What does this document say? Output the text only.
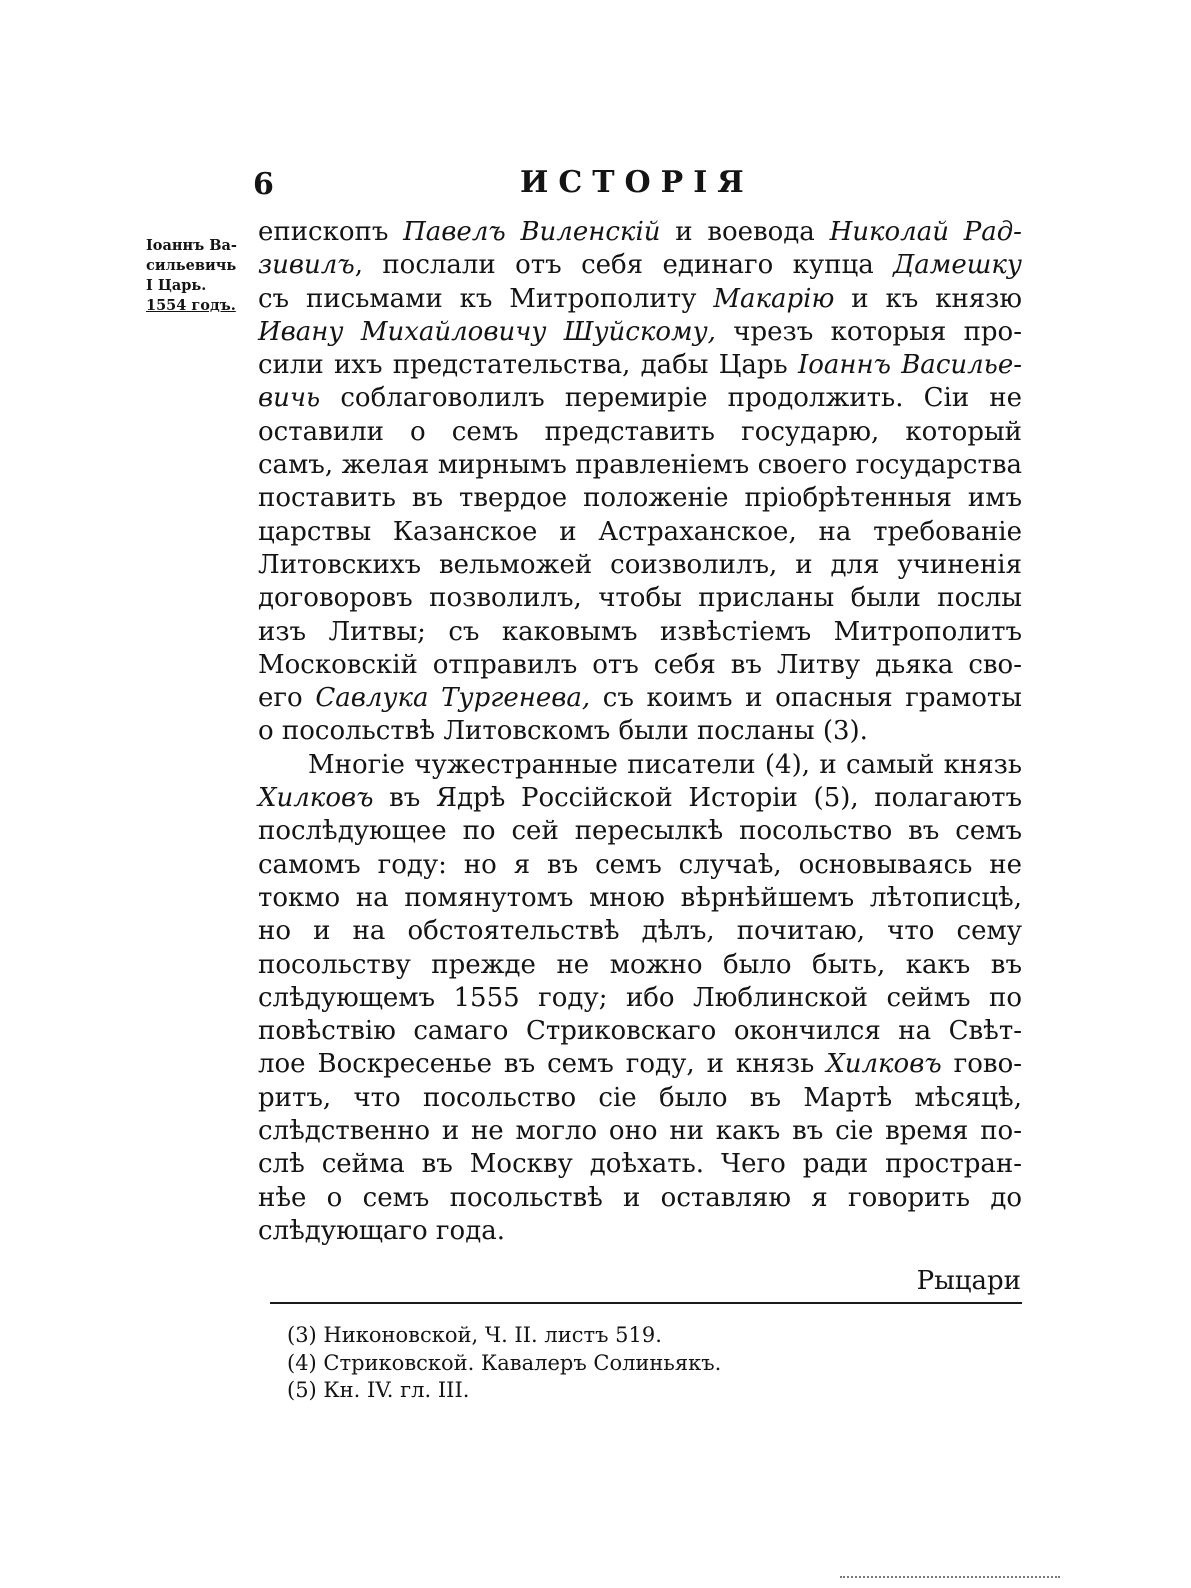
6	ИСТОРІЯ
Іоаннъ Ва-
сильевичь
І Царь.
1554 годъ.
епископъ Павелъ Виленскій и воевода Николай Рад-
зивилъ, послали отъ себя единаго купца Дамешку
съ письмами къ Митрополиту Макарію и къ князю
Ивану Михайловичу Шуйскому, чрезъ которыя про-
сили ихъ предстательства, дабы Царь Іоаннъ Василье-
вичь соблаговолилъ перемиріе продолжить. Сіи не
оставили о семъ представить государю, который
самъ, желая мирнымъ правленіемъ своего государства
поставить въ твердое положеніе пріобрѣтенныя имъ
царствы Казанское и Астраханское, на требованіе
Литовскихъ вельможей соизволилъ, и для учиненія
договоровъ позволилъ, чтобы присланы были послы
изъ Литвы; съ каковымъ извѣстіемъ Митрополитъ
Московскій отправилъ отъ себя въ Литву дьяка сво-
его Савлука Тургенева, съ коимъ и опасныя грамоты
о посольствѣ Литовскомъ были посланы (3).
Многіе чужестранные писатели (4), и самый князь
Хилковъ въ Ядрѣ Россійской Исторіи (5), полагаютъ
послѣдующее по сей пересылкѣ посольство въ семъ
самомъ году: но я въ семъ случаѣ, основываясь не
токмо на помянутомъ мною вѣрнѣйшемъ лѣтописцѣ,
но и на обстоятельствѣ дѣлъ, почитаю, что сему
посольству прежде не можно было быть, какъ въ
слѣдующемъ 1555 году; ибо Люблинской сеймъ по
повѣствію самаго Стриковскаго окончился на Свѣт-
лое Воскресенье въ семъ году, и князь Хилковъ гово-
ритъ, что посольство сіе было въ Мартѣ мѣсяцѣ,
слѣдственно и не могло оно ни какъ въ сіе время по-
слѣ сейма въ Москву доѣхать. Чего ради простран-
нѣе о семъ посольствѣ и оставляю я говорить до
слѣдующаго года.
Рыцари
(3) Никоновской, Ч. II. листъ 519.
(4) Стриковской. Кавалеръ Солиньякъ.
(5) Кн. IV. гл. III.
